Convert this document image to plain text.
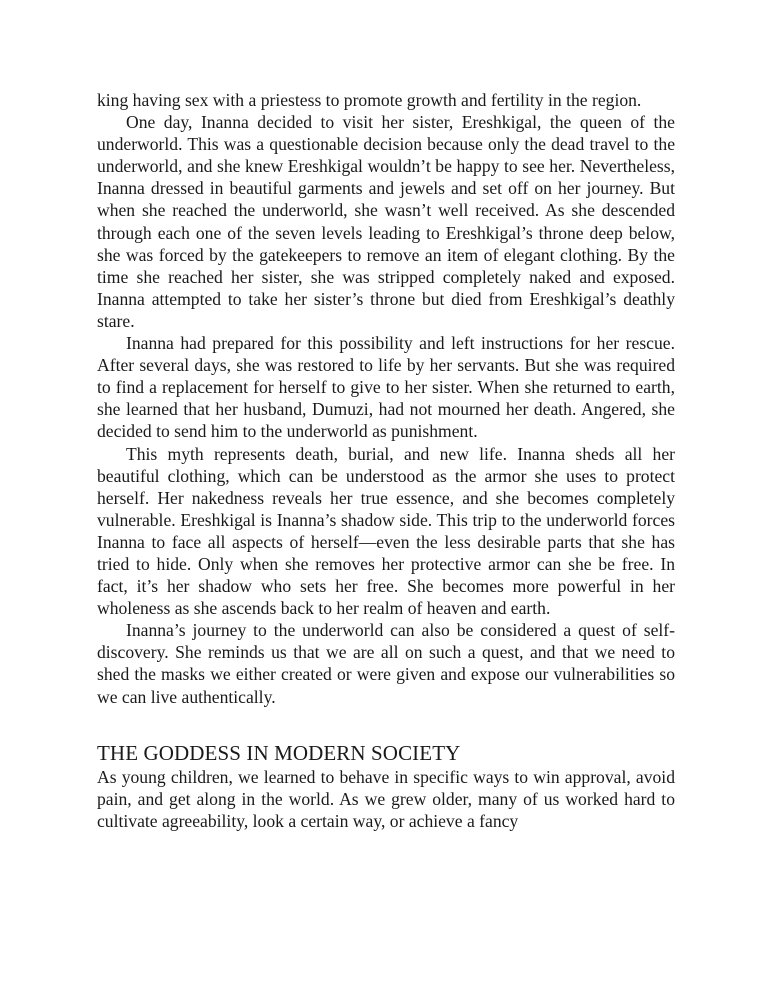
king having sex with a priestess to promote growth and fertility in the region.

One day, Inanna decided to visit her sister, Ereshkigal, the queen of the underworld. This was a questionable decision because only the dead travel to the underworld, and she knew Ereshkigal wouldn’t be happy to see her. Nevertheless, Inanna dressed in beautiful garments and jewels and set off on her journey. But when she reached the underworld, she wasn’t well received. As she descended through each one of the seven levels leading to Ereshkigal’s throne deep below, she was forced by the gatekeepers to remove an item of elegant clothing. By the time she reached her sister, she was stripped completely naked and exposed. Inanna attempted to take her sister’s throne but died from Ereshkigal’s deathly stare.

Inanna had prepared for this possibility and left instructions for her rescue. After several days, she was restored to life by her servants. But she was required to find a replacement for herself to give to her sister. When she returned to earth, she learned that her husband, Dumuzi, had not mourned her death. Angered, she decided to send him to the underworld as punishment.

This myth represents death, burial, and new life. Inanna sheds all her beautiful clothing, which can be understood as the armor she uses to protect herself. Her nakedness reveals her true essence, and she becomes completely vulnerable. Ereshkigal is Inanna’s shadow side. This trip to the underworld forces Inanna to face all aspects of herself—even the less desirable parts that she has tried to hide. Only when she removes her protective armor can she be free. In fact, it’s her shadow who sets her free. She becomes more powerful in her wholeness as she ascends back to her realm of heaven and earth.

Inanna’s journey to the underworld can also be considered a quest of self-discovery. She reminds us that we are all on such a quest, and that we need to shed the masks we either created or were given and expose our vulnerabilities so we can live authentically.

THE GODDESS IN MODERN SOCIETY

As young children, we learned to behave in specific ways to win approval, avoid pain, and get along in the world. As we grew older, many of us worked hard to cultivate agreeability, look a certain way, or achieve a fancy
